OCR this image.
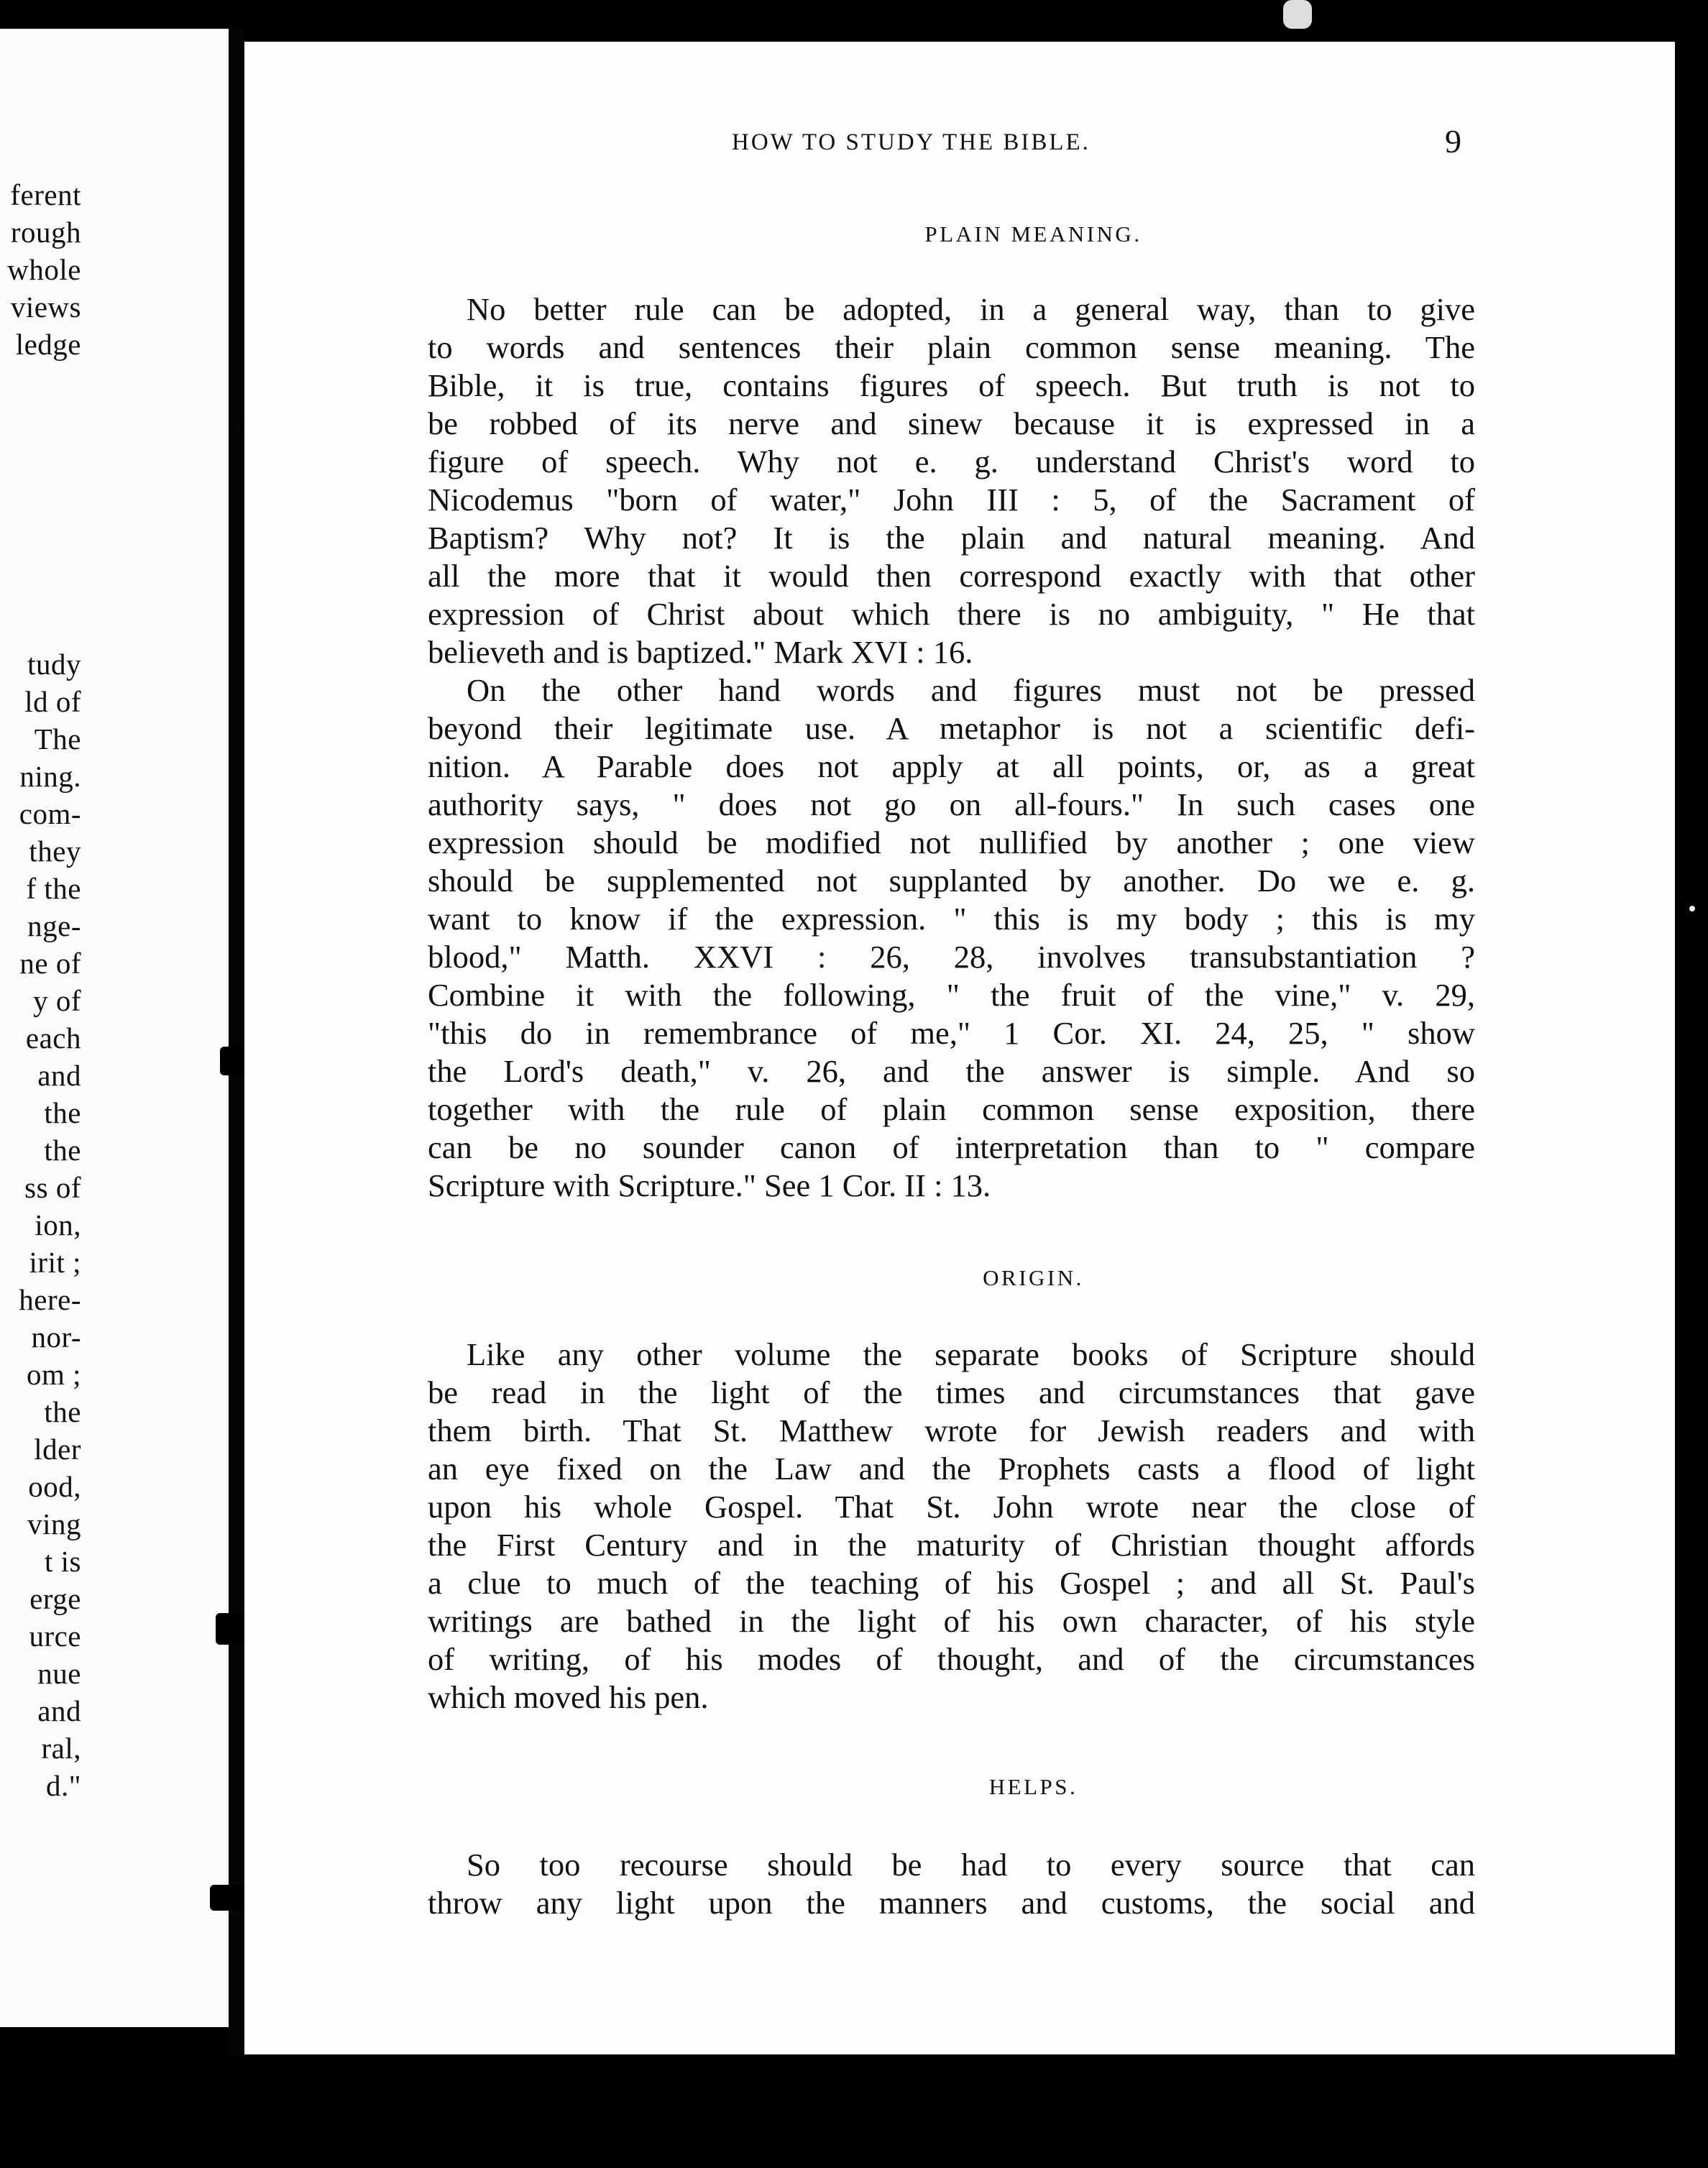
ferent
rough
whole
views
ledge
tudy
ld of
The
ning.
com-
they
f the
nge-
ne of
y of
each
and
the
the
ss of
ion,
irit ;
here-
nor-
om ;
the
lder
ood,
ving
t is
erge
urce
nue
and
ral,
d."
HOW TO STUDY THE BIBLE.	9
PLAIN MEANING.
No better rule can be adopted, in a general way, than to give
to words and sentences their plain common sense meaning. The
Bible, it is true, contains figures of speech. But truth is not to
be robbed of its nerve and sinew because it is expressed in a
figure of speech. Why not e. g. understand Christ's word to
Nicodemus "born of water," John III : 5, of the Sacrament of
Baptism? Why not? It is the plain and natural meaning. And
all the more that it would then correspond exactly with that other
expression of Christ about which there is no ambiguity, " He that
believeth and is baptized." Mark XVI : 16.
On the other hand words and figures must not be pressed
beyond their legitimate use. A metaphor is not a scientific defi-
nition. A Parable does not apply at all points, or, as a great
authority says, " does not go on all-fours." In such cases one
expression should be modified not nullified by another ; one view
should be supplemented not supplanted by another. Do we e. g.
want to know if the expression. " this is my body ; this is my
blood," Matth. XXVI : 26, 28, involves transubstantiation ?
Combine it with the following, " the fruit of the vine," v. 29,
"this do in remembrance of me," 1 Cor. XI. 24, 25, " show
the Lord's death," v. 26, and the answer is simple. And so
together with the rule of plain common sense exposition, there
can be no sounder canon of interpretation than to " compare
Scripture with Scripture." See 1 Cor. II : 13.
ORIGIN.
Like any other volume the separate books of Scripture should
be read in the light of the times and circumstances that gave
them birth. That St. Matthew wrote for Jewish readers and with
an eye fixed on the Law and the Prophets casts a flood of light
upon his whole Gospel. That St. John wrote near the close of
the First Century and in the maturity of Christian thought affords
a clue to much of the teaching of his Gospel ; and all St. Paul's
writings are bathed in the light of his own character, of his style
of writing, of his modes of thought, and of the circumstances
which moved his pen.
HELPS.
So too recourse should be had to every source that can
throw any light upon the manners and customs, the social and
